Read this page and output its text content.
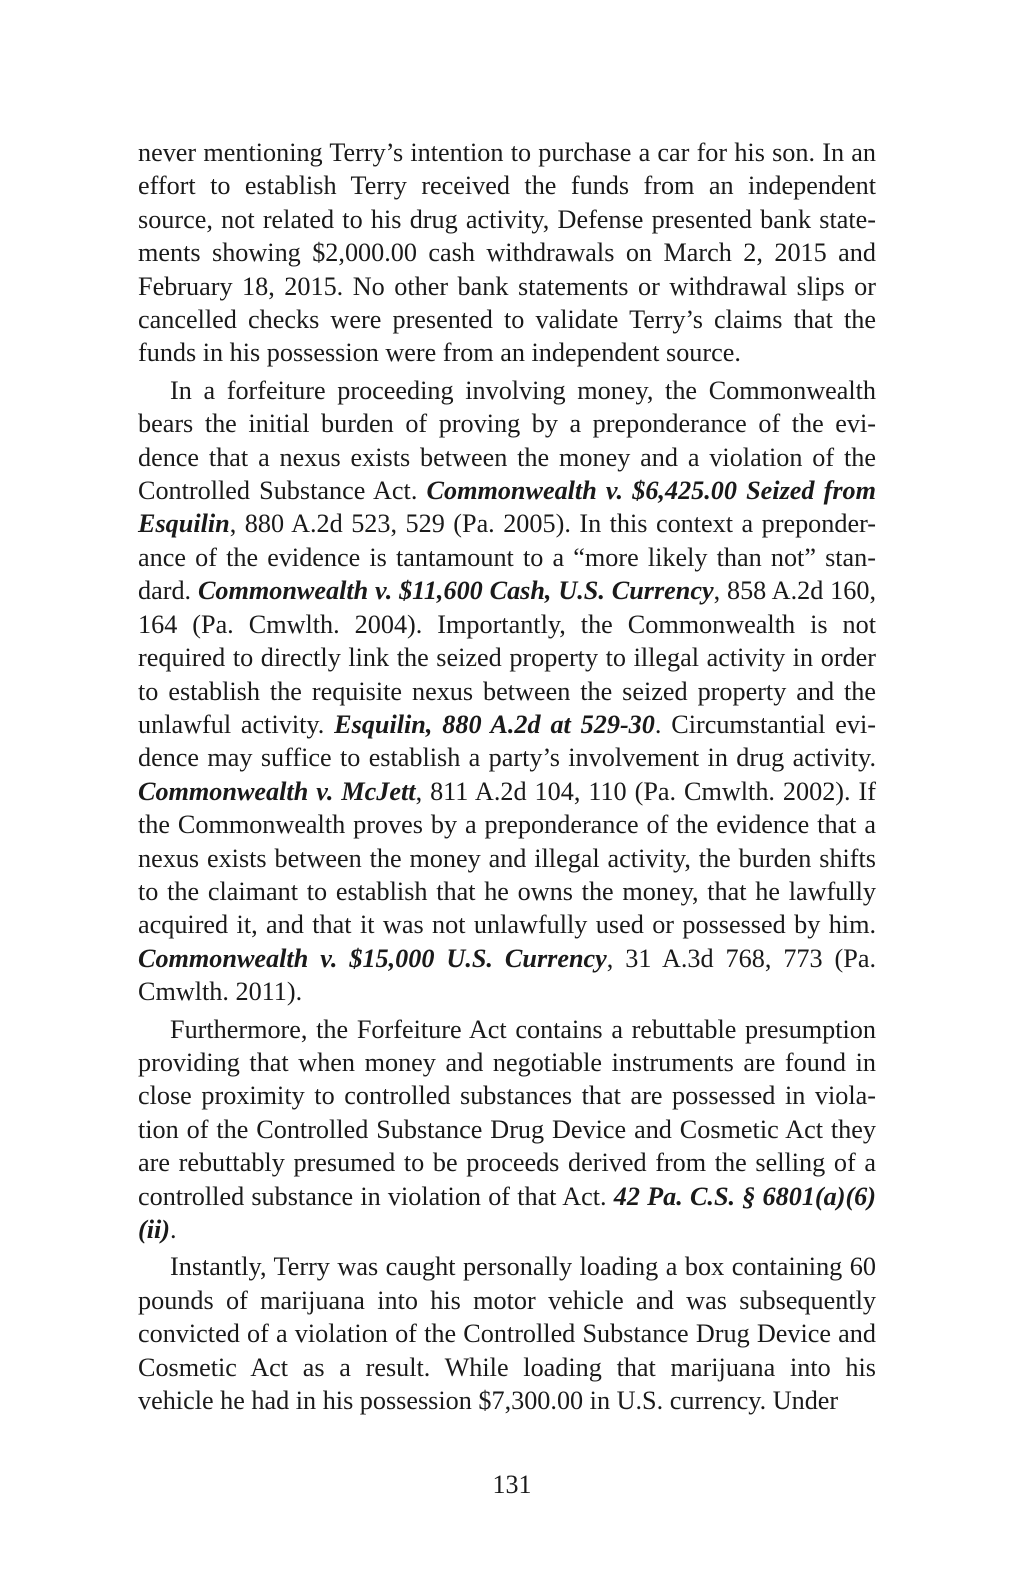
never mentioning Terry’s intention to purchase a car for his son. In an effort to establish Terry received the funds from an independent source, not related to his drug activity, Defense presented bank state-ments showing $2,000.00 cash withdrawals on March 2, 2015 and February 18, 2015. No other bank statements or withdrawal slips or cancelled checks were presented to validate Terry’s claims that the funds in his possession were from an independent source.

In a forfeiture proceeding involving money, the Commonwealth bears the initial burden of proving by a preponderance of the evi-dence that a nexus exists between the money and a violation of the Controlled Substance Act. Commonwealth v. $6,425.00 Seized from Esquilin, 880 A.2d 523, 529 (Pa. 2005). In this context a preponder-ance of the evidence is tantamount to a “more likely than not” stan-dard. Commonwealth v. $11,600 Cash, U.S. Currency, 858 A.2d 160, 164 (Pa. Cmwlth. 2004). Importantly, the Commonwealth is not required to directly link the seized property to illegal activity in order to establish the requisite nexus between the seized property and the unlawful activity. Esquilin, 880 A.2d at 529-30. Circumstantial evi-dence may suffice to establish a party’s involvement in drug activity. Commonwealth v. McJett, 811 A.2d 104, 110 (Pa. Cmwlth. 2002). If the Commonwealth proves by a preponderance of the evidence that a nexus exists between the money and illegal activity, the burden shifts to the claimant to establish that he owns the money, that he lawfully acquired it, and that it was not unlawfully used or possessed by him. Commonwealth v. $15,000 U.S. Currency, 31 A.3d 768, 773 (Pa. Cmwlth. 2011).

Furthermore, the Forfeiture Act contains a rebuttable presumption providing that when money and negotiable instruments are found in close proximity to controlled substances that are possessed in viola-tion of the Controlled Substance Drug Device and Cosmetic Act they are rebuttably presumed to be proceeds derived from the selling of a controlled substance in violation of that Act. 42 Pa. C.S. § 6801(a)(6)(ii).

Instantly, Terry was caught personally loading a box containing 60 pounds of marijuana into his motor vehicle and was subsequently convicted of a violation of the Controlled Substance Drug Device and Cosmetic Act as a result. While loading that marijuana into his vehicle he had in his possession $7,300.00 in U.S. currency. Under

131
